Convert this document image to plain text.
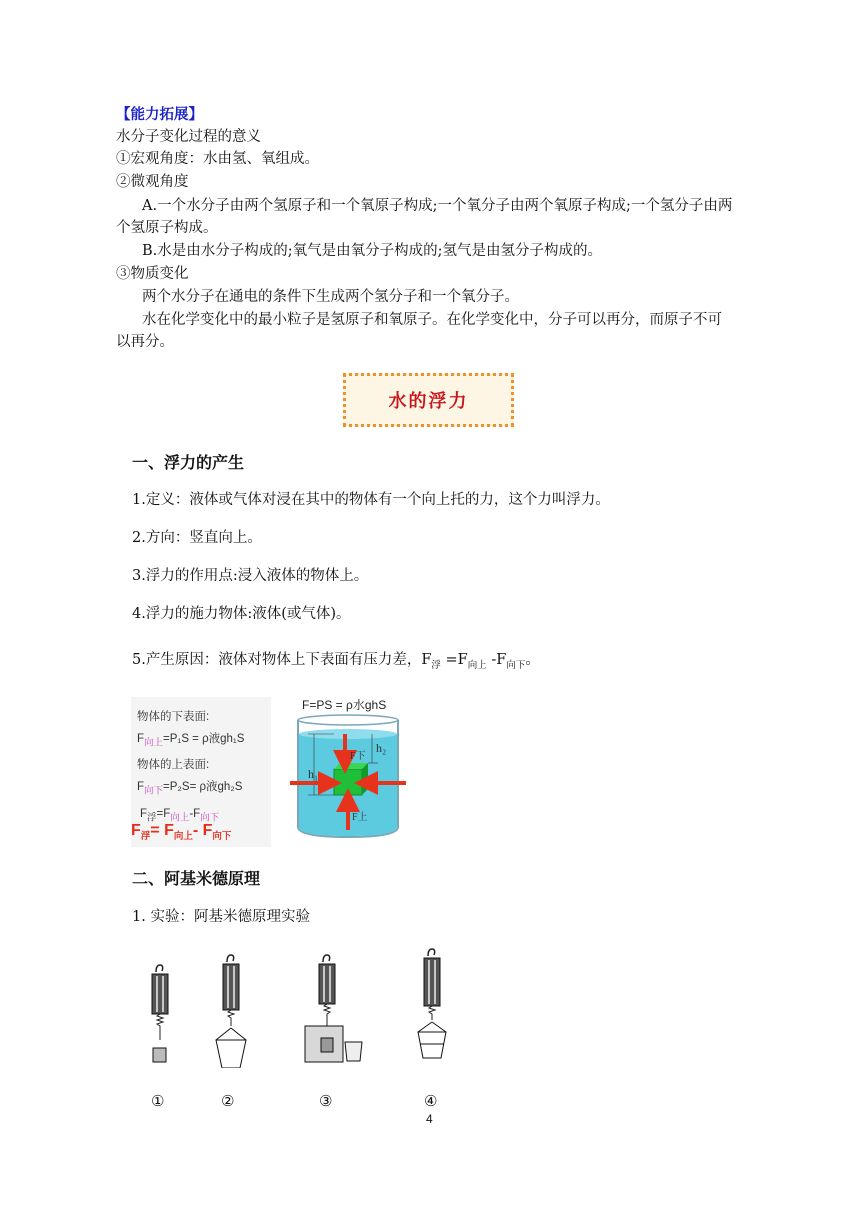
【能力拓展】
水分子变化过程的意义
①宏观角度：水由氢、氧组成。
②微观角度
A.一个水分子由两个氢原子和一个氧原子构成;一个氧分子由两个氧原子构成;一个氢分子由两个氢原子构成。
B.水是由水分子构成的;氧气是由氧分子构成的;氢气是由氢分子构成的。
③物质变化
两个水分子在通电的条件下生成两个氢分子和一个氧分子。
水在化学变化中的最小粒子是氢原子和氧原子。在化学变化中，分子可以再分，而原子不可以再分。
水的浮力
一、浮力的产生
1.定义：液体或气体对浸在其中的物体有一个向上托的力，这个力叫浮力。
2.方向：竖直向上。
3.浮力的作用点:浸入液体的物体上。
4.浮力的施力物体:液体(或气体)。
5.产生原因：液体对物体上下表面有压力差，$F_浮 =F_{向上}$ $-F_{向下}$。
物体的下表面:
$F_{向上}=P_1S = \rho$液gh₁S
物体的上表面:
$F_{向下}=P_2S= \rho$液gh₂S
$F_浮=F_{向上}-F_{向下}$
$F_浮= F_{向上}-$ $F_{向下}$
F=PS = ρ水ghS
h₁
h₂
F下
F上
二、阿基米德原理
1. 实验：阿基米德原理实验
①	②	③	④
4
